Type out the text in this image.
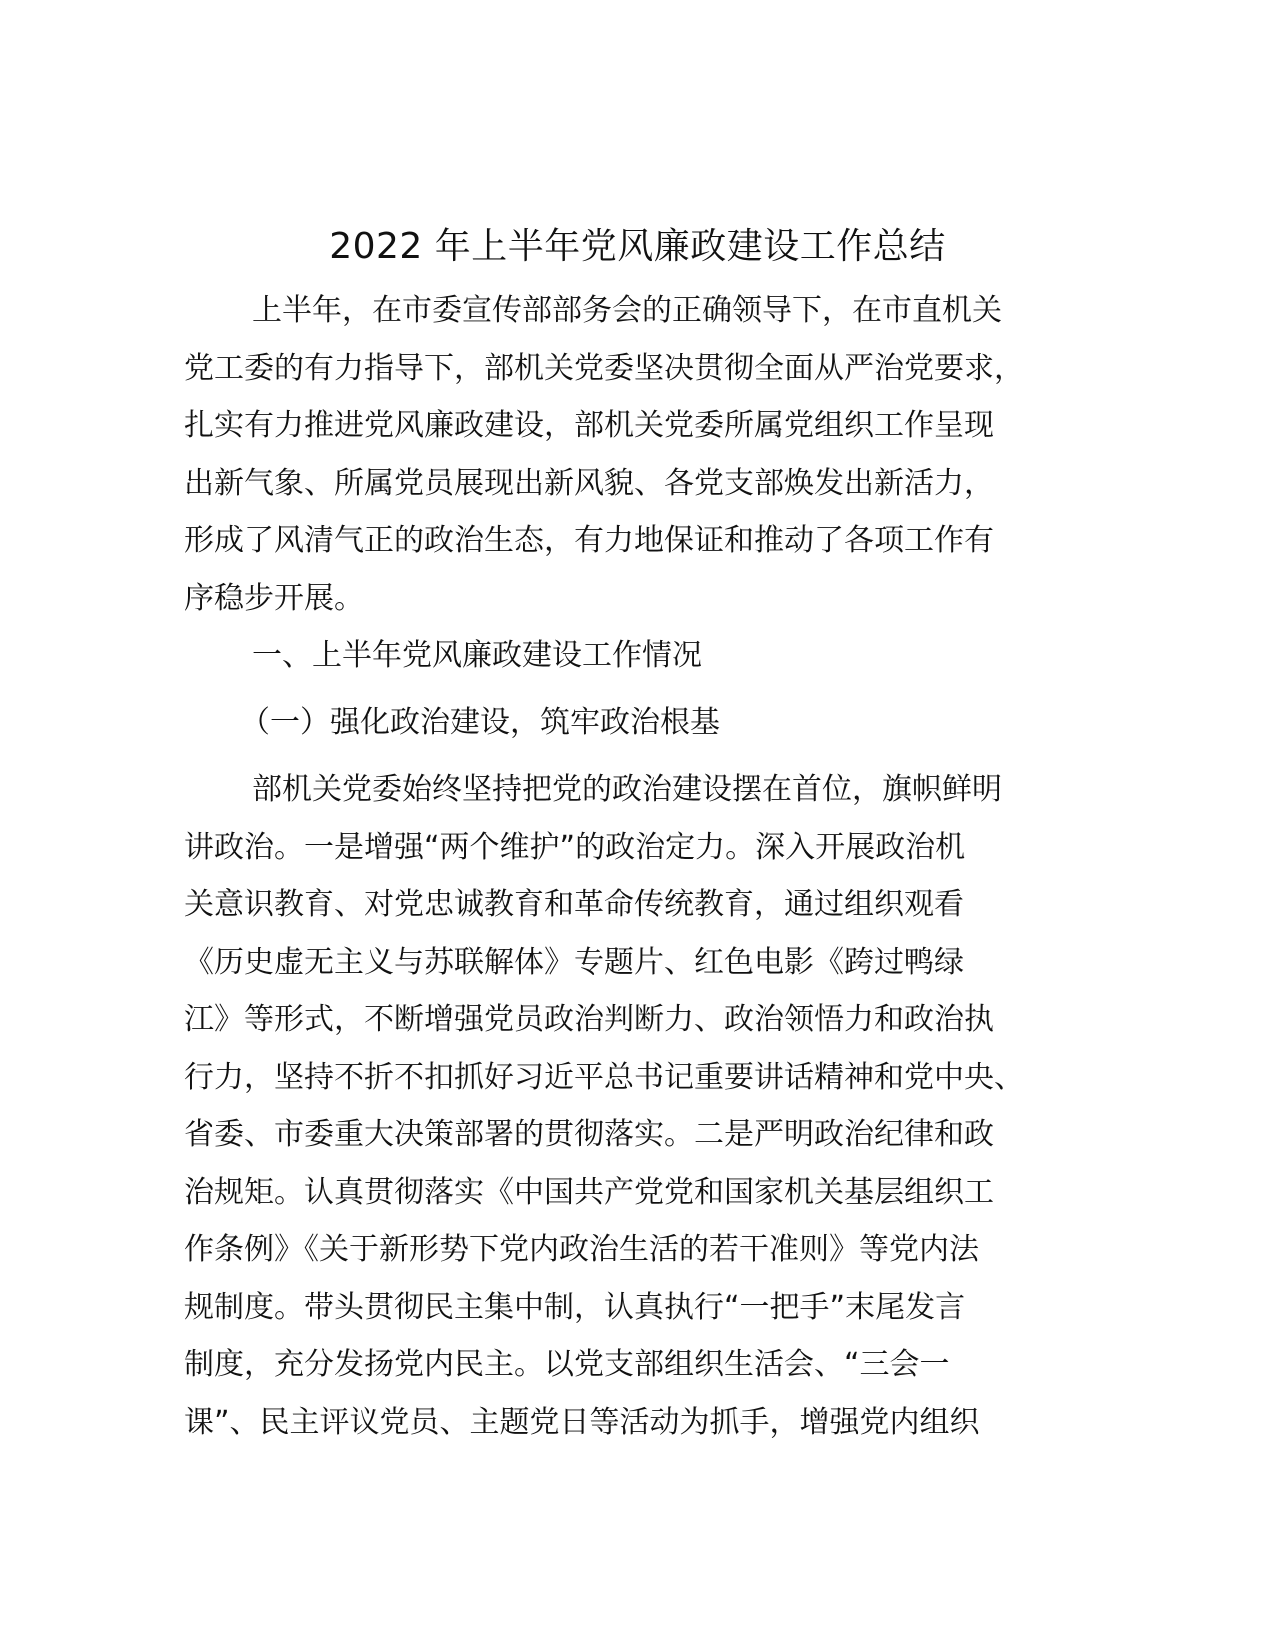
2022 年上半年党风廉政建设工作总结

上半年，在市委宣传部部务会的正确领导下，在市直机关
党工委的有力指导下，部机关党委坚决贯彻全面从严治党要求，
扎实有力推进党风廉政建设，部机关党委所属党组织工作呈现
出新气象、所属党员展现出新风貌、各党支部焕发出新活力，
形成了风清气正的政治生态，有力地保证和推动了各项工作有
序稳步开展。

一、上半年党风廉政建设工作情况

（一）强化政治建设，筑牢政治根基

部机关党委始终坚持把党的政治建设摆在首位，旗帜鲜明
讲政治。一是增强“两个维护”的政治定力。深入开展政治机
关意识教育、对党忠诚教育和革命传统教育，通过组织观看
《历史虚无主义与苏联解体》专题片、红色电影《跨过鸭绿
江》等形式，不断增强党员政治判断力、政治领悟力和政治执
行力，坚持不折不扣抓好习近平总书记重要讲话精神和党中央、
省委、市委重大决策部署的贯彻落实。二是严明政治纪律和政
治规矩。认真贯彻落实《中国共产党党和国家机关基层组织工
作条例》《关于新形势下党内政治生活的若干准则》等党内法
规制度。带头贯彻民主集中制，认真执行“一把手”末尾发言
制度，充分发扬党内民主。以党支部组织生活会、“三会一
课”、民主评议党员、主题党日等活动为抓手，增强党内组织
